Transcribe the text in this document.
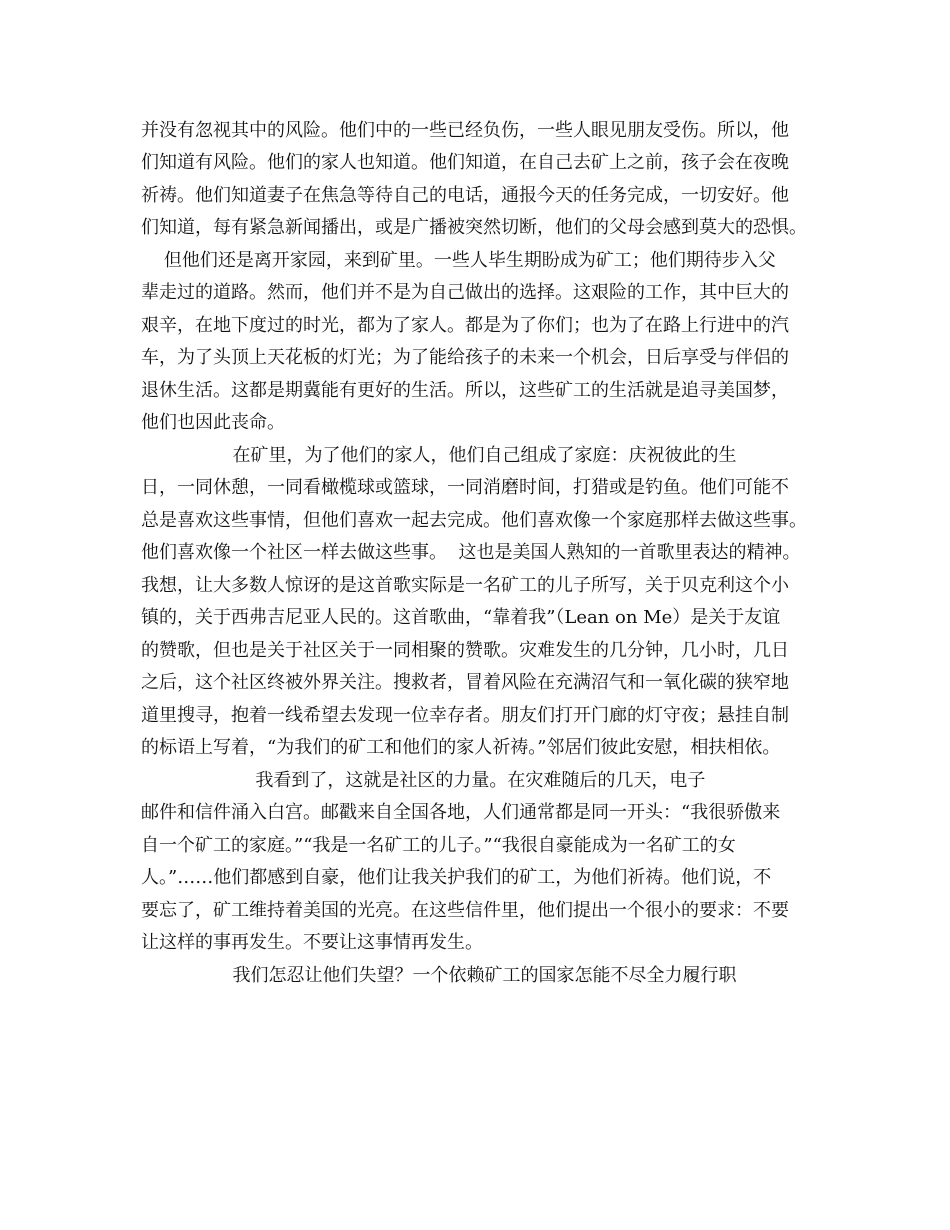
并没有忽视其中的风险。他们中的一些已经负伤，一些人眼见朋友受伤。所以，他
们知道有风险。他们的家人也知道。他们知道，在自己去矿上之前，孩子会在夜晚
祈祷。他们知道妻子在焦急等待自己的电话，通报今天的任务完成，一切安好。他
们知道，每有紧急新闻播出，或是广播被突然切断，他们的父母会感到莫大的恐惧。
但他们还是离开家园，来到矿里。一些人毕生期盼成为矿工；他们期待步入父
辈走过的道路。然而，他们并不是为自己做出的选择。这艰险的工作，其中巨大的
艰辛，在地下度过的时光，都为了家人。都是为了你们；也为了在路上行进中的汽
车，为了头顶上天花板的灯光；为了能给孩子的未来一个机会，日后享受与伴侣的
退休生活。这都是期冀能有更好的生活。所以，这些矿工的生活就是追寻美国梦，
他们也因此丧命。
在矿里，为了他们的家人，他们自己组成了家庭：庆祝彼此的生
日，一同休憩，一同看橄榄球或篮球，一同消磨时间，打猎或是钓鱼。他们可能不
总是喜欢这些事情，但他们喜欢一起去完成。他们喜欢像一个家庭那样去做这些事。
他们喜欢像一个社区一样去做这些事。  这也是美国人熟知的一首歌里表达的精神。
我想，让大多数人惊讶的是这首歌实际是一名矿工的儿子所写，关于贝克利这个小
镇的，关于西弗吉尼亚人民的。这首歌曲，“靠着我”（Lean on Me）是关于友谊
的赞歌，但也是关于社区关于一同相聚的赞歌。灾难发生的几分钟，几小时，几日
之后，这个社区终被外界关注。搜救者，冒着风险在充满沼气和一氧化碳的狭窄地
道里搜寻，抱着一线希望去发现一位幸存者。朋友们打开门廊的灯守夜；悬挂自制
的标语上写着，“为我们的矿工和他们的家人祈祷。”邻居们彼此安慰，相扶相依。
我看到了，这就是社区的力量。在灾难随后的几天，电子
邮件和信件涌入白宫。邮戳来自全国各地，人们通常都是同一开头：“我很骄傲来
自一个矿工的家庭。”“我是一名矿工的儿子。”“我很自豪能成为一名矿工的女
人。”……他们都感到自豪，他们让我关护我们的矿工，为他们祈祷。他们说，不
要忘了，矿工维持着美国的光亮。在这些信件里，他们提出一个很小的要求：不要
让这样的事再发生。不要让这事情再发生。
我们怎忍让他们失望？一个依赖矿工的国家怎能不尽全力履行职
